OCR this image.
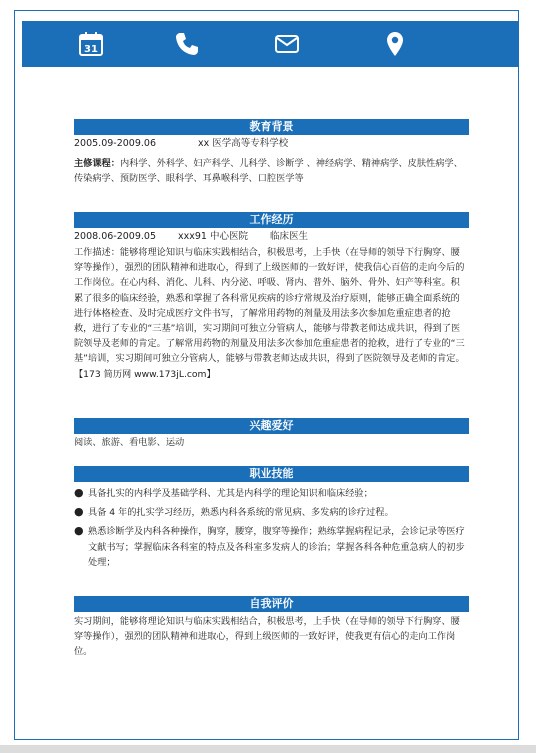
31
教育背景
2005.09-2009.06	xx 医学高等专科学校
主修课程：内科学、外科学、妇产科学、儿科学、诊断学 、神经病学、精神病学、皮肤性病学、传染病学、预防医学、眼科学、耳鼻喉科学、口腔医学等
工作经历
2008.06-2009.05	xxx91 中心医院	临床医生
工作描述：能够将理论知识与临床实践相结合，积极思考，上手快（在导师的领导下行胸穿、腰穿等操作），强烈的团队精神和进取心，得到了上级医师的一致好评，使我信心百倍的走向今后的工作岗位。在心内科、消化、儿科、内分泌、呼吸、肾内、普外、脑外、骨外、妇产等科室。积累了很多的临床经验，熟悉和掌握了各科常见疾病的诊疗常规及治疗原则，能够正确全面系统的进行体格检查、及时完成医疗文件书写，了解常用药物的剂量及用法多次参加危重症患者的抢救，进行了专业的“三基”培训，实习期间可独立分管病人，能够与带教老师达成共识，得到了医院领导及老师的肯定。了解常用药物的剂量及用法多次参加危重症患者的抢救，进行了专业的“三基”培训，实习期间可独立分管病人，能够与带教老师达成共识，得到了医院领导及老师的肯定。【173 简历网 www.173jL.com】
兴趣爱好
阅读、旅游、看电影、运动
职业技能
● 具备扎实的内科学及基础学科、尤其是内科学的理论知识和临床经验；
● 具备 4 年的扎实学习经历，熟悉内科各系统的常见病、多发病的诊疗过程。
● 熟悉诊断学及内科各种操作，胸穿，腰穿，腹穿等操作；熟练掌握病程记录，会诊记录等医疗文献书写；掌握临床各科室的特点及各科室多发病人的诊治；掌握各科各种危重急病人的初步处理；
自我评价
实习期间，能够将理论知识与临床实践相结合，积极思考，上手快（在导师的领导下行胸穿、腰穿等操作），强烈的团队精神和进取心，得到上级医师的一致好评，使我更有信心的走向工作岗位。
